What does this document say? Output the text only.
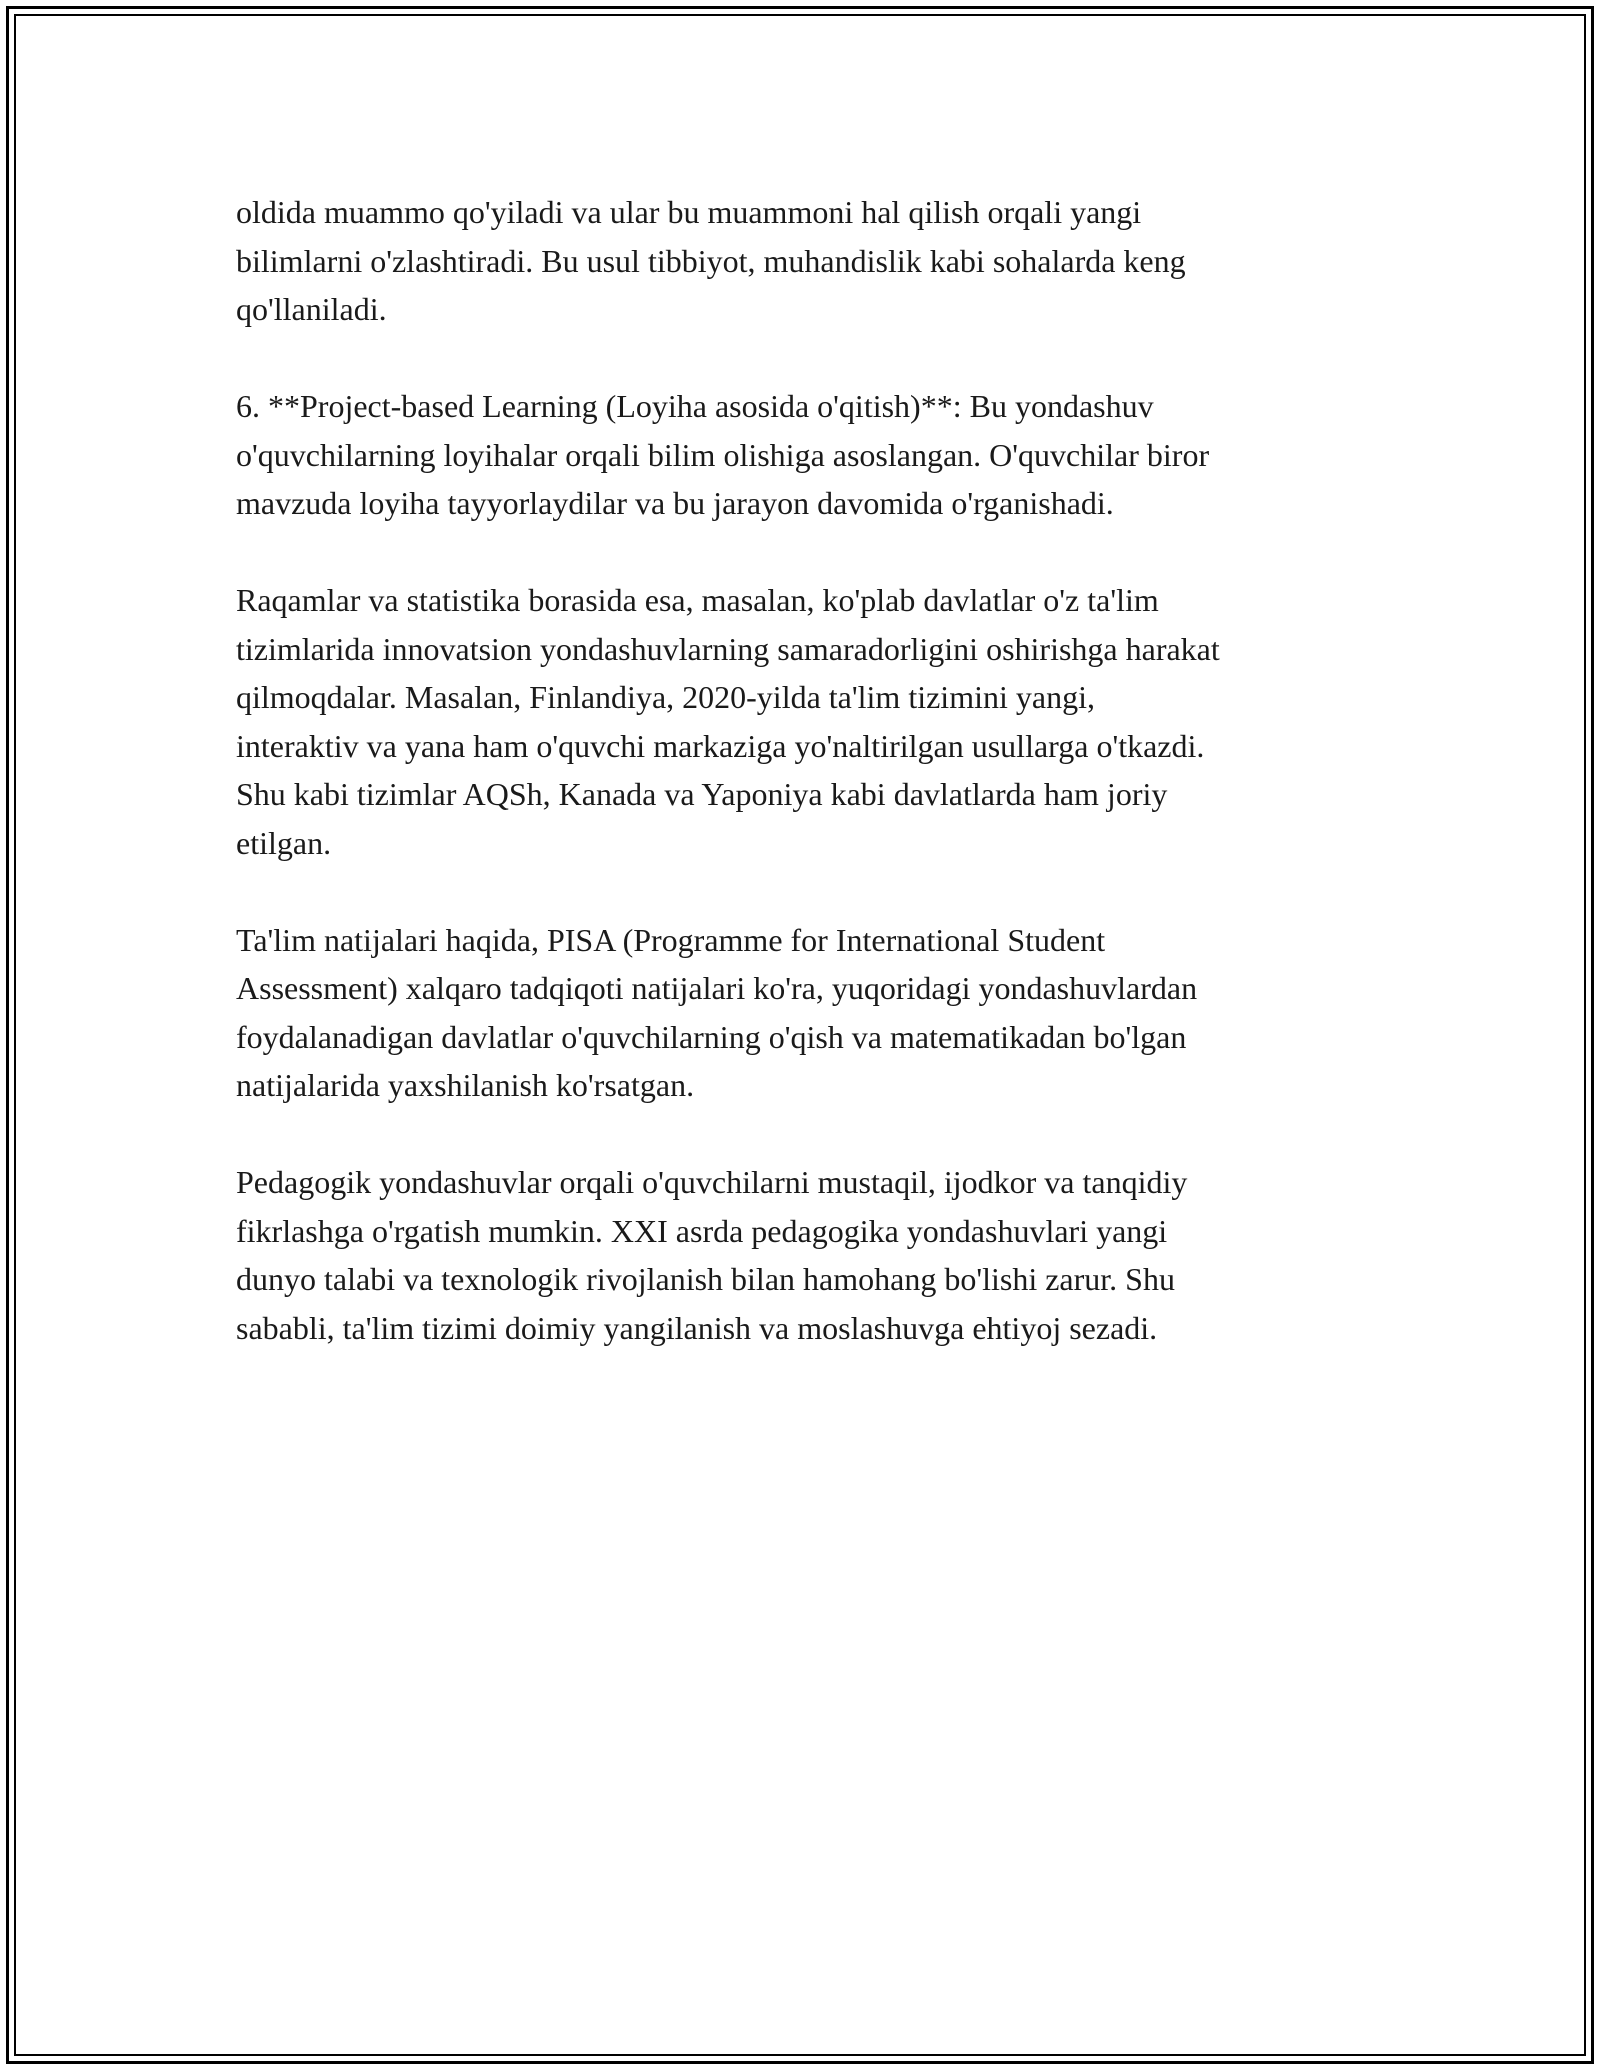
oldida muammo qo'yiladi va ular bu muammoni hal qilish orqali yangi
bilimlarni o'zlashtiradi. Bu usul tibbiyot, muhandislik kabi sohalarda keng
qo'llaniladi.

6. **Project-based Learning (Loyiha asosida o'qitish)**: Bu yondashuv
o'quvchilarning loyihalar orqali bilim olishiga asoslangan. O'quvchilar biror
mavzuda loyiha tayyorlaydilar va bu jarayon davomida o'rganishadi.

Raqamlar va statistika borasida esa, masalan, ko'plab davlatlar o'z ta'lim
tizimlarida innovatsion yondashuvlarning samaradorligini oshirishga harakat
qilmoqdalar. Masalan, Finlandiya, 2020-yilda ta'lim tizimini yangi,
interaktiv va yana ham o'quvchi markaziga yo'naltirilgan usullarga o'tkazdi.
Shu kabi tizimlar AQSh, Kanada va Yaponiya kabi davlatlarda ham joriy
etilgan.

Ta'lim natijalari haqida, PISA (Programme for International Student
Assessment) xalqaro tadqiqoti natijalari ko'ra, yuqoridagi yondashuvlardan
foydalanadigan davlatlar o'quvchilarning o'qish va matematikadan bo'lgan
natijalarida yaxshilanish ko'rsatgan.

Pedagogik yondashuvlar orqali o'quvchilarni mustaqil, ijodkor va tanqidiy
fikrlashga o'rgatish mumkin. XXI asrda pedagogika yondashuvlari yangi
dunyo talabi va texnologik rivojlanish bilan hamohang bo'lishi zarur. Shu
sababli, ta'lim tizimi doimiy yangilanish va moslashuvga ehtiyoj sezadi.
